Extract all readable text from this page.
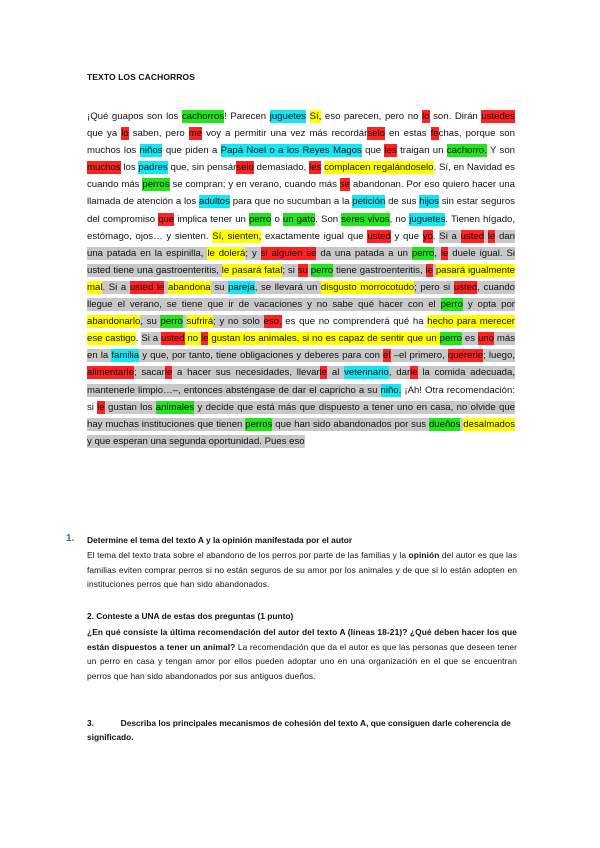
TEXTO LOS CACHORROS
¡Qué guapos son los cachorros! Parecen juguetes Sí, eso parecen, pero no lo son. Dirán ustedes que ya lo saben, pero me voy a permitir una vez más recordárselo en estas fechas, porque son muchos los niños que piden a Papá Noel o a los Reyes Magos que les traigan un cachorro. Y son muchos los padres que, sin pensárselo demasiado, les complacen regalándoselo. Sí, en Navidad es cuando más perros se compran; y en verano, cuando más se abandonan. Por eso quiero hacer una llamada de atención a los adultos para que no sucumban a la petición de sus hijos sin estar seguros del compromiso que implica tener un perro o un gato. Son seres vivos, no juguetes. Tienen hígado, estómago, ojos… y sienten. Sí, sienten, exactamente igual que usted y que yo. Si a usted le dan una patada en la espinilla, le dolerá; y si alguien se da una patada a un perro, le duele igual. Si usted tiene una gastroenteritis, le pasará fatal; si su perro tiene gastroenteritis, le pasará igualmente mal. Si a usted le abandona su pareja, se llevará un disgusto morrocotudo; pero si usted, cuando llegue el verano, se tiene que ir de vacaciones y no sabe qué hacer con el perro y opta por abandonarlo, su perro sufrirá; y no solo eso, es que no comprenderá qué ha hecho para merecer ese castigo. Si a usted no le gustan los animales, si no es capaz de sentir que un perro es uno más en la familia y que, por tanto, tiene obligaciones y deberes para con él –el primero, quererle; luego, alimentarle; sacarle a hacer sus necesidades, llevarle al veterinario, darle la comida adecuada, mantenerle limpio…–, entonces absténgase de dar el capricho a su niño. ¡Ah! Otra recomendación: si le gustan los animales y decide que está más que dispuesto a tener uno en casa, no olvide que hay muchas instituciones que tienen perros que han sido abandonados por sus dueños desalmados y que esperan una segunda oportunidad. Pues eso
1. Determine el tema del texto A y la opinión manifestada por el autor
El tema del texto trata sobre el abandono de los perros por parte de las familias y la opinión del autor es que las familias eviten comprar perros si no están seguros de su amor por los animales y de que si lo están adopten en instituciones perros que han sido abandonados.
2. Conteste a UNA de estas dos preguntas (1 punto)
¿En qué consiste la última recomendación del autor del texto A (líneas 18-21)? ¿Qué deben hacer los que están dispuestos a tener un animal? La recomendación que da el autor es que las personas que deseen tener un perro en casa y tengan amor por ellos pueden adoptar uno en una organización en el que se encuentran perros que han sido abandonados por sus antiguos dueños.
3.	Describa los principales mecanismos de cohesión del texto A, que consiguen darle coherencia de significado.
